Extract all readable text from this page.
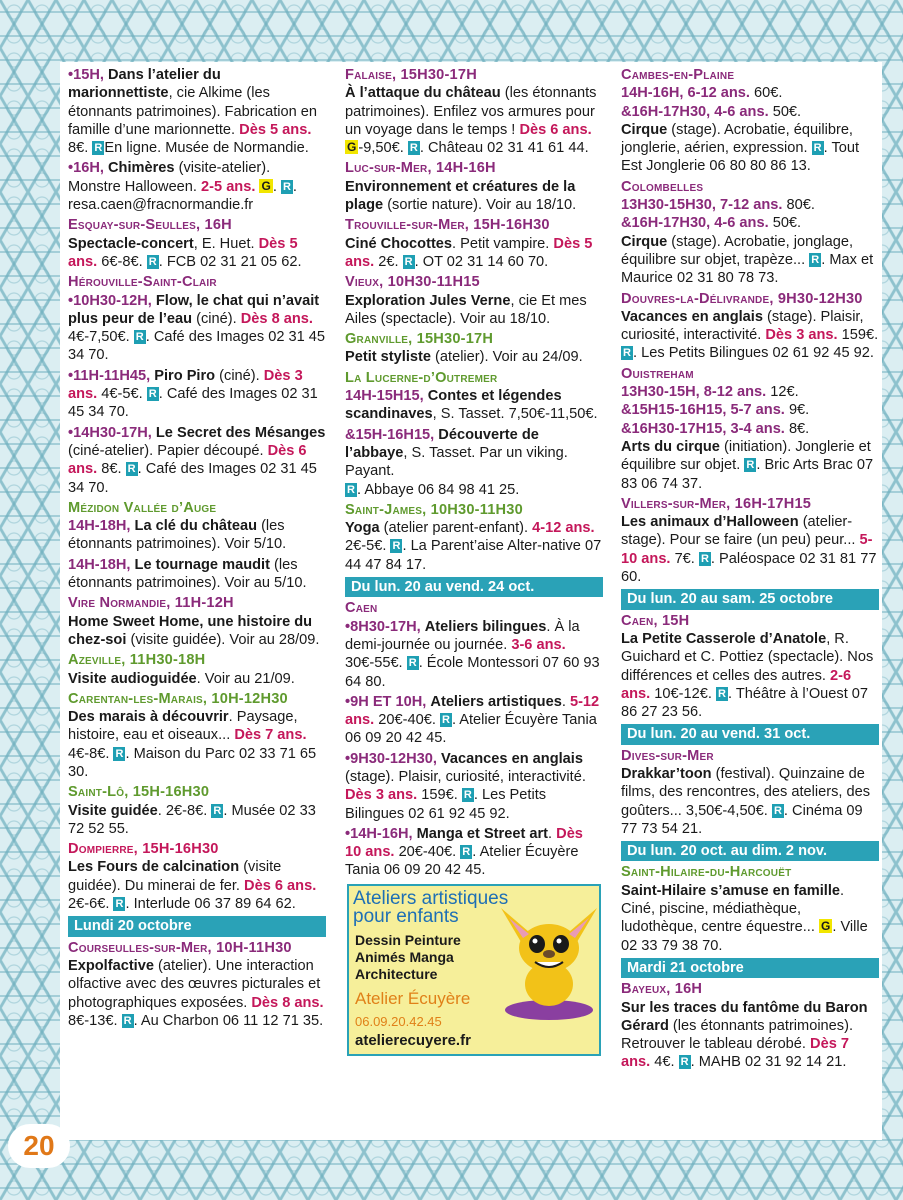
•15H, Dans l’atelier du marionnettiste, cie Alkime (les étonnants patrimoines). Fabrication en famille d’une marionnette. Dès 5 ans. 8€. R En ligne. Musée de Normandie.
•16H, Chimères (visite-atelier). Monstre Halloween. 2-5 ans. G . R . resa.caen@fracnormandie.fr
Esquay-sur-Seulles, 16H
Spectacle-concert, E. Huet. Dès 5 ans. 6€-8€. R . FCB 02 31 21 05 62.
Hérouville-Saint-Clair
•10H30-12H, Flow, le chat qui n’avait plus peur de l’eau (ciné). Dès 8 ans. 4€-7,50€. R . Café des Images 02 31 45 34 70.
•11H-11H45, Piro Piro (ciné). Dès 3 ans. 4€-5€. R . Café des Images 02 31 45 34 70.
•14H30-17H, Le Secret des Mésanges (ciné-atelier). Papier découpé. Dès 6 ans. 8€. R . Café des Images 02 31 45 34 70.
Mézidon Vallée d’Auge
14H-18H, La clé du château (les étonnants patrimoines). Voir 5/10.
14H-18H, Le tournage maudit (les étonnants patrimoines). Voir au 5/10.
Vire Normandie, 11H-12H
Home Sweet Home, une histoire du chez-soi (visite guidée). Voir au 28/09.
Azeville, 11H30-18H
Visite audioguidée. Voir au 21/09.
Carentan-les-Marais, 10H-12H30
Des marais à découvrir. Paysage, histoire, eau et oiseaux... Dès 7 ans. 4€-8€. R . Maison du Parc 02 33 71 65 30.
Saint-Lô, 15H-16H30
Visite guidée. 2€-8€. R . Musée 02 33 72 52 55.
Dompierre, 15H-16H30
Les Fours de calcination (visite guidée). Du minerai de fer. Dès 6 ans. 2€-6€. R . Interlude 06 37 89 64 62.
Lundi 20 octobre
Courseulles-sur-Mer, 10H-11H30
Expolfactive (atelier). Une interaction olfactive avec des œuvres picturales et photographiques exposées. Dès 8 ans. 8€-13€. R . Au Charbon 06 11 12 71 35.
Falaise, 15H30-17H
À l’attaque du château (les étonnants patrimoines). Enfilez vos armures pour un voyage dans le temps ! Dès 6 ans. G -9,50€. R . Château 02 31 41 61 44.
Luc-sur-Mer, 14H-16H
Environnement et créatures de la plage (sortie nature). Voir au 18/10.
Trouville-sur-Mer, 15H-16H30
Ciné Chocottes. Petit vampire. Dès 5 ans. 2€. R . OT 02 31 14 60 70.
Vieux, 10H30-11H15
Exploration Jules Verne, cie Et mes Ailes (spectacle). Voir au 18/10.
Granville, 15H30-17H
Petit styliste (atelier). Voir au 24/09.
La Lucerne-d’Outremer
14H-15H15, Contes et légendes scandinaves, S. Tasset. 7,50€-11,50€.
&15H-16H15, Découverte de l’abbaye, S. Tasset. Par un viking. Payant.
R . Abbaye 06 84 98 41 25.
Saint-James, 10H30-11H30
Yoga (atelier parent-enfant). 4-12 ans. 2€-5€. R . La Parent’aise Alter-native 07 44 47 84 17.
Du lun. 20 au vend. 24 oct.
Caen
•8H30-17H, Ateliers bilingues. À la demi-journée ou journée. 3-6 ans. 30€-55€. R . École Montessori 07 60 93 64 80.
•9H ET 10H, Ateliers artistiques. 5-12 ans. 20€-40€. R . Atelier Écuyère Tania 06 09 20 42 45.
•9H30-12H30, Vacances en anglais (stage). Plaisir, curiosité, interactivité. Dès 3 ans. 159€. R . Les Petits Bilingues 02 61 92 45 92.
•14H-16H, Manga et Street art. Dès 10 ans. 20€-40€. R . Atelier Écuyère Tania 06 09 20 42 45.
Ateliers artistiques
pour enfants
Dessin Peinture
Animés Manga
Architecture
Atelier Écuyère
06.09.20.42.45
atelierecuyere.fr
Cambes-en-Plaine
14H-16H, 6-12 ans. 60€.
&16H-17H30, 4-6 ans. 50€.
Cirque (stage). Acrobatie, équilibre, jonglerie, aérien, expression. R . Tout Est Jonglerie 06 80 80 86 13.
Colombelles
13H30-15H30, 7-12 ans. 80€.
&16H-17H30, 4-6 ans. 50€.
Cirque (stage). Acrobatie, jonglage, équilibre sur objet, trapèze... R . Max et Maurice 02 31 80 78 73.
Douvres-la-Délivrande, 9H30-12H30
Vacances en anglais (stage). Plaisir, curiosité, interactivité. Dès 3 ans. 159€. R . Les Petits Bilingues 02 61 92 45 92.
Ouistreham
13H30-15H, 8-12 ans. 12€.
&15H15-16H15, 5-7 ans. 9€.
&16H30-17H15, 3-4 ans. 8€.
Arts du cirque (initiation). Jonglerie et équilibre sur objet. R . Bric Arts Brac 07 83 06 74 37.
Villers-sur-Mer, 16H-17H15
Les animaux d’Halloween (atelier-stage). Pour se faire (un peu) peur... 5-10 ans. 7€. R . Paléospace 02 31 81 77 60.
Du lun. 20 au sam. 25 octobre
Caen, 15H
La Petite Casserole d’Anatole, R. Guichard et C. Pottiez (spectacle). Nos différences et celles des autres. 2-6 ans. 10€-12€. R . Théâtre à l’Ouest 07 86 27 23 56.
Du lun. 20 au vend. 31 oct.
Dives-sur-Mer
Drakkar’toon (festival). Quinzaine de films, des rencontres, des ateliers, des goûters... 3,50€-4,50€. R . Cinéma 09 77 73 54 21.
Du lun. 20 oct. au dim. 2 nov.
Saint-Hilaire-du-Harcouët
Saint-Hilaire s’amuse en famille. Ciné, piscine, médiathèque, ludothèque, centre équestre... G . Ville 02 33 79 38 70.
Mardi 21 octobre
Bayeux, 16H
Sur les traces du fantôme du Baron Gérard (les étonnants patrimoines). Retrouver le tableau dérobé. Dès 7 ans. 4€. R . MAHB 02 31 92 14 21.
20
